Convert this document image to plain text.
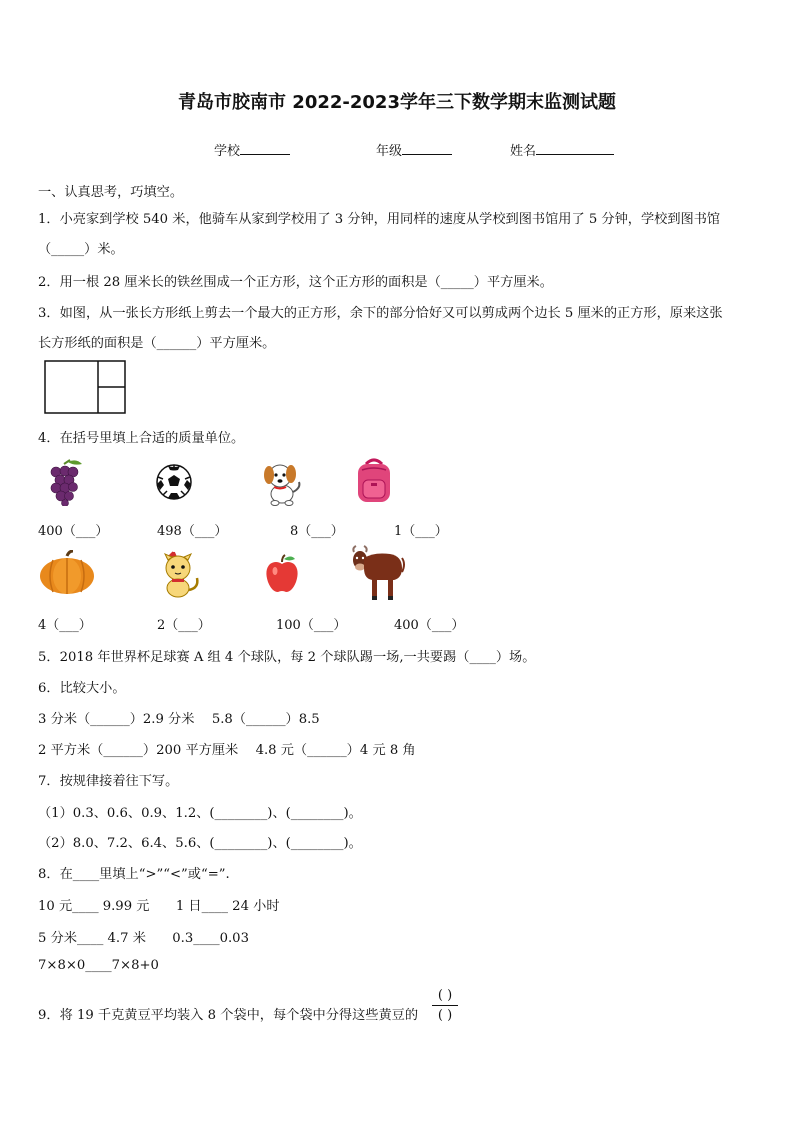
青岛市胶南市 2022-2023学年三下数学期末监测试题
学校	年级	姓名
一、认真思考，巧填空。
1．小亮家到学校 540 米，他骑车从家到学校用了 3 分钟，用同样的速度从学校到图书馆用了 5 分钟，学校到图书馆
（_____）米。
2．用一根 28 厘米长的铁丝围成一个正方形，这个正方形的面积是（_____）平方厘米。
3．如图，从一张长方形纸上剪去一个最大的正方形，余下的部分恰好又可以剪成两个边长 5 厘米的正方形，原来这张
长方形纸的面积是（______）平方厘米。
4．在括号里填上合适的质量单位。
400（___）	498（___）	8（___）	1（___）
4（___）	2（___）	100（___）	400（___）
5．2018 年世界杯足球赛 A 组 4 个球队，每 2 个球队踢一场,一共要踢（____）场。
6．比较大小。
3 分米（______）2.9 分米　 5.8（______）8.5
2 平方米（______）200 平方厘米　 4.8 元（______）4 元 8 角
7．按规律接着往下写。
（1）0.3、0.6、0.9、1.2、(________)、(________)。
（2）8.0、7.2、6.4、5.6、(________)、(________)。
8．在____里填上“>”“<”或“=”.
10 元____ 9.99 元　　1 日____ 24 小时
5 分米____ 4.7 米　　0.3____0.03
7×8×0____7×8+0
9．将 19 千克黄豆平均装入 8 个袋中，每个袋中分得这些黄豆的
( )
( )
